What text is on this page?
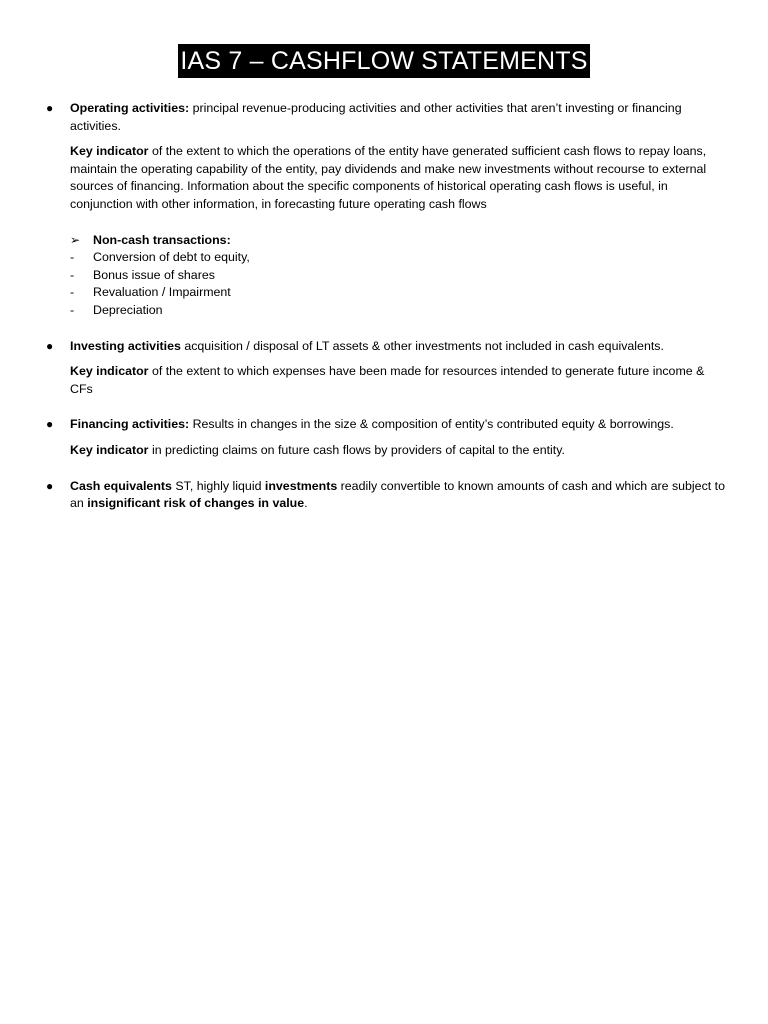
IAS 7 – CASHFLOW STATEMENTS
● Operating activities: principal revenue-producing activities and other activities that aren’t investing or financing activities.

Key indicator of the extent to which the operations of the entity have generated sufficient cash flows to repay loans, maintain the operating capability of the entity, pay dividends and make new investments without recourse to external sources of financing. Information about the specific components of historical operating cash flows is useful, in conjunction with other information, in forecasting future operating cash flows

➢	Non-cash transactions:

- Conversion of debt to equity,
- Bonus issue of shares
- Revaluation / Impairment
- Depreciation
● Investing activities acquisition / disposal of LT assets & other investments not included in cash equivalents.

Key indicator of the extent to which expenses have been made for resources intended to generate future income & CFs

● Financing activities: Results in changes in the size & composition of entity’s contributed equity & borrowings.

Key indicator in predicting claims on future cash flows by providers of capital to the entity.

● Cash equivalents ST, highly liquid investments readily convertible to known amounts of cash and which are subject to an insignificant risk of changes in value.
